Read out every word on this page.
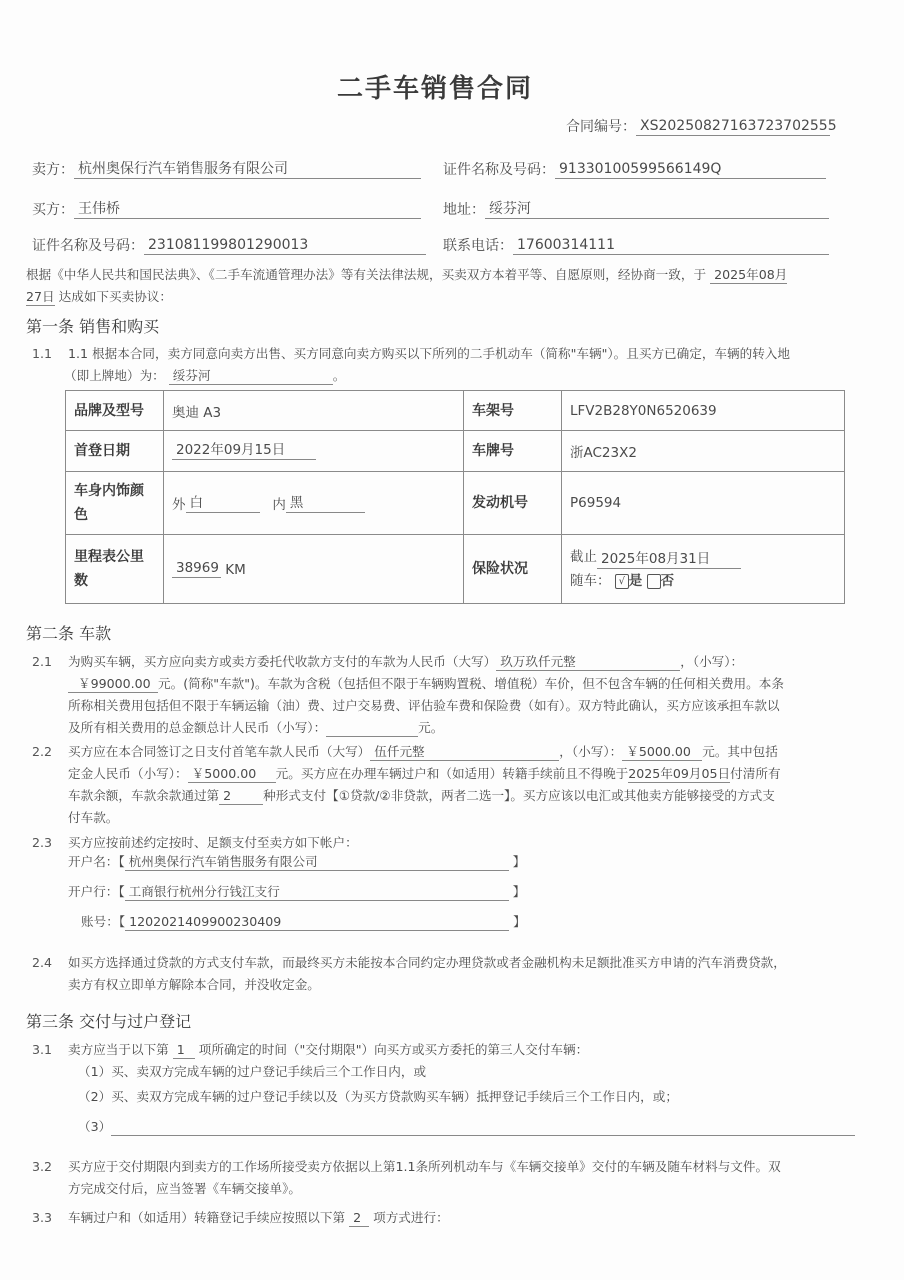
二手车销售合同
合同编号： XS20250827163723702555
卖方： 杭州奥保行汽车销售服务有限公司	证件名称及号码： 91330100599566149Q
买方： 王伟桥	地址： 绥芬河
证件名称及号码： 231081199801290013	联系电话： 17600314111
根据《中华人民共和国民法典》、《二手车流通管理办法》等有关法律法规，买卖双方本着平等、自愿原则，经协商一致，于 2025年08月
27日 达成如下买卖协议：
第一条 销售和购买
1.1 1.1 根据本合同，卖方同意向卖方出售、买方同意向卖方购买以下所列的二手机动车（简称"车辆"）。且买方已确定，车辆的转入地
（即上牌地）为： 绥芬河	。
品牌及型号	奥迪 A3	车架号	LFV2B28Y0N6520639
首登日期	2022年09月15日	车牌号	浙AC23X2
车身内饰颜色	外 白 内 黑	发动机号	P69594
里程表公里数	38969 KM	保险状况	截止 2025年08月31日
随车： √ 是 否
第二条 车款
2.1 为购买车辆，买方应向卖方或卖方委托代收款方支付的车款为人民币（大写） 玖万玖仟元整	，（小写）：
￥99000.00 元。(简称"车款")。车款为含税（包括但不限于车辆购置税、增值税）车价，但不包含车辆的任何相关费用。本条
所称相关费用包括但不限于车辆运输（油）费、过户交易费、评估验车费和保险费（如有）。双方特此确认，买方应该承担车款以
及所有相关费用的总金额总计人民币（小写）：	元。
2.2 买方应在本合同签订之日支付首笔车款人民币（大写） 伍仟元整	，（小写）： ￥5000.00 元。其中包括
定金人民币（小写）： ￥5000.00 元。买方应在办理车辆过户和（如适用）转籍手续前且不得晚于2025年09月05日付清所有
车款余额，车款余款通过第 2	种形式支付【①贷款/②非贷款，两者二选一】。买方应该以电汇或其他卖方能够接受的方式支
付车款。
2.3 买方应按前述约定按时、足额支付至卖方如下帐户：
开户名：【 杭州奥保行汽车销售服务有限公司	】
开户行：【 工商银行杭州分行钱江支行	】
账号：【 1202021409900230409	】
2.4 如买方选择通过贷款的方式支付车款，而最终买方未能按本合同约定办理贷款或者金融机构未足额批准买方申请的汽车消费贷款，
卖方有权立即单方解除本合同，并没收定金。
第三条 交付与过户登记
3.1 卖方应当于以下第 1 项所确定的时间（"交付期限"）向买方或买方委托的第三人交付车辆：
（1）买、卖双方完成车辆的过户登记手续后三个工作日内，或
（2）买、卖双方完成车辆的过户登记手续以及（为买方贷款购买车辆）抵押登记手续后三个工作日内，或；
（3）
3.2 买方应于交付期限内到卖方的工作场所接受卖方依据以上第1.1条所列机动车与《车辆交接单》交付的车辆及随车材料与文件。双
方完成交付后，应当签署《车辆交接单》。
3.3 车辆过户和（如适用）转籍登记手续应按照以下第 2 项方式进行：
